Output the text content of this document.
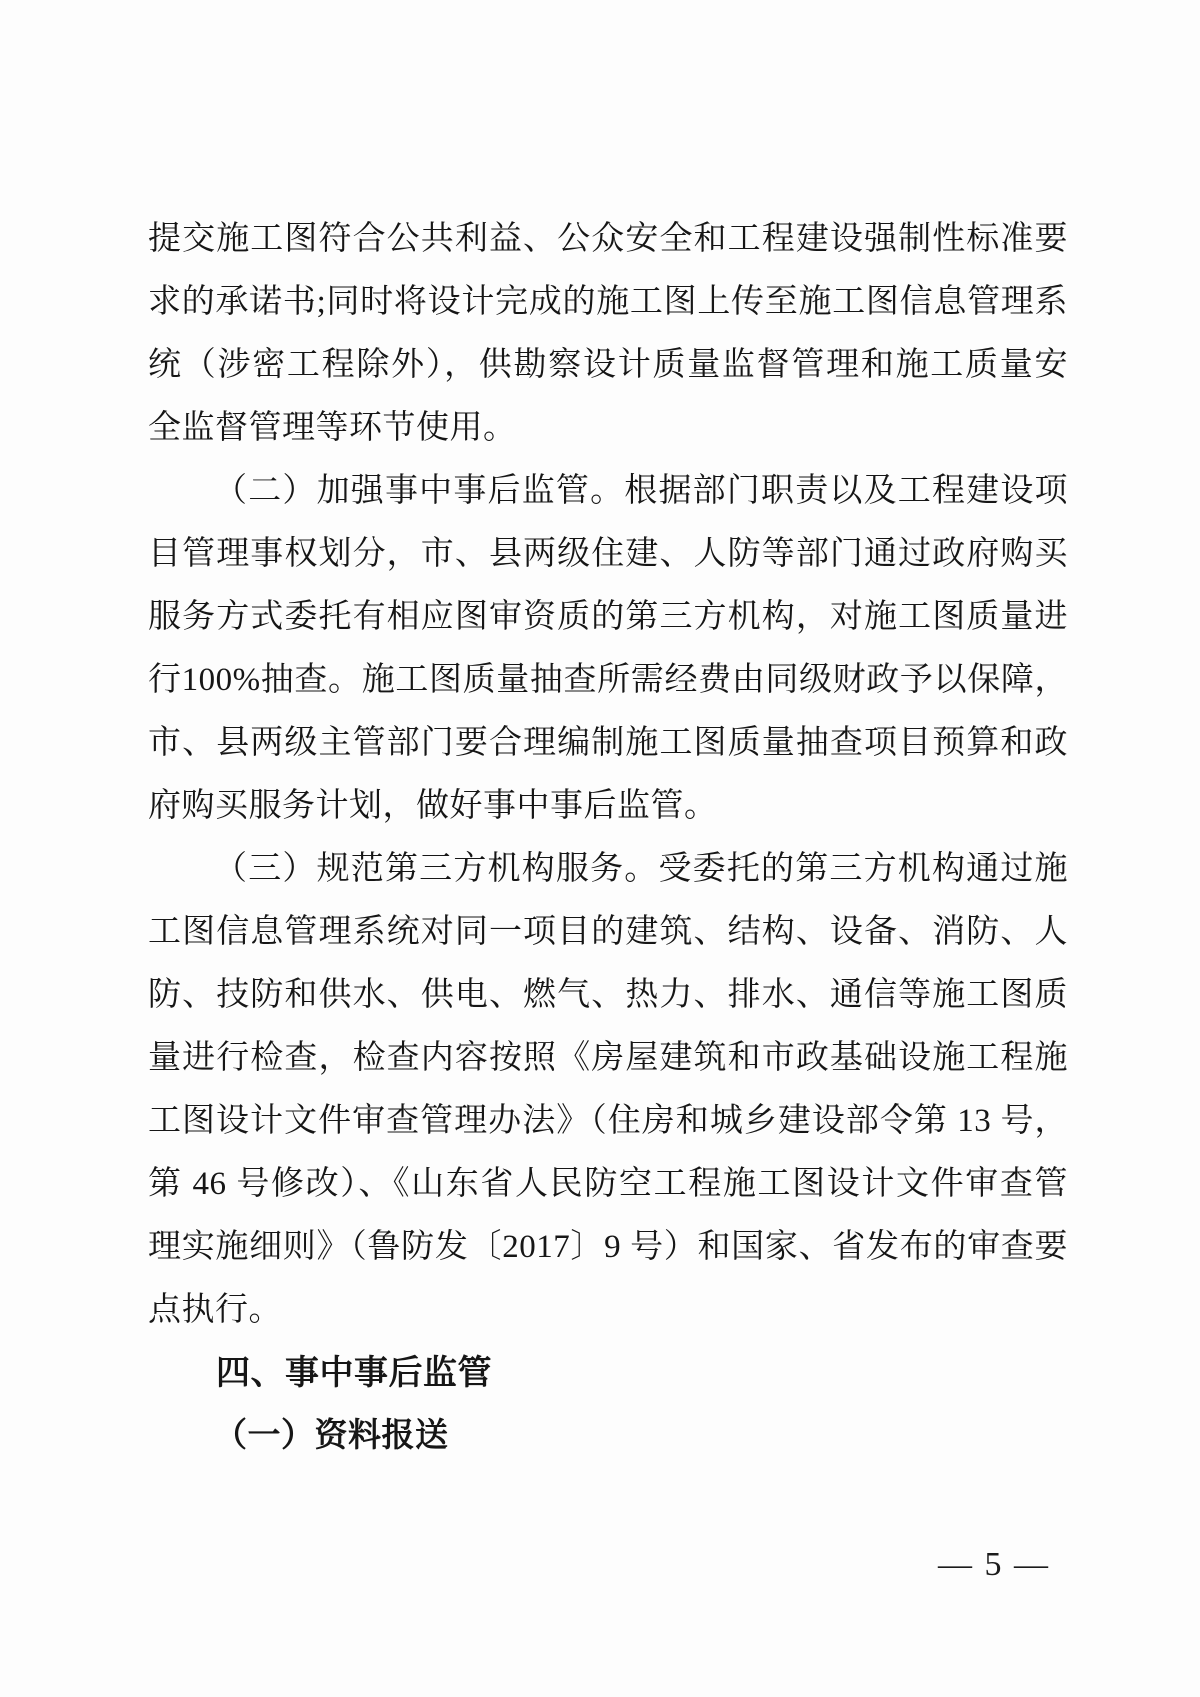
提交施工图符合公共利益、公众安全和工程建设强制性标准要求的承诺书;同时将设计完成的施工图上传至施工图信息管理系统（涉密工程除外），供勘察设计质量监督管理和施工质量安全监督管理等环节使用。

（二）加强事中事后监管。根据部门职责以及工程建设项目管理事权划分，市、县两级住建、人防等部门通过政府购买服务方式委托有相应图审资质的第三方机构，对施工图质量进行100%抽查。施工图质量抽查所需经费由同级财政予以保障，市、县两级主管部门要合理编制施工图质量抽查项目预算和政府购买服务计划，做好事中事后监管。

（三）规范第三方机构服务。受委托的第三方机构通过施工图信息管理系统对同一项目的建筑、结构、设备、消防、人防、技防和供水、供电、燃气、热力、排水、通信等施工图质量进行检查，检查内容按照《房屋建筑和市政基础设施工程施工图设计文件审查管理办法》（住房和城乡建设部令第 13 号，第 46 号修改）、《山东省人民防空工程施工图设计文件审查管理实施细则》（鲁防发〔2017〕9 号）和国家、省发布的审查要点执行。

四、事中事后监管

（一）资料报送

— 5 —
